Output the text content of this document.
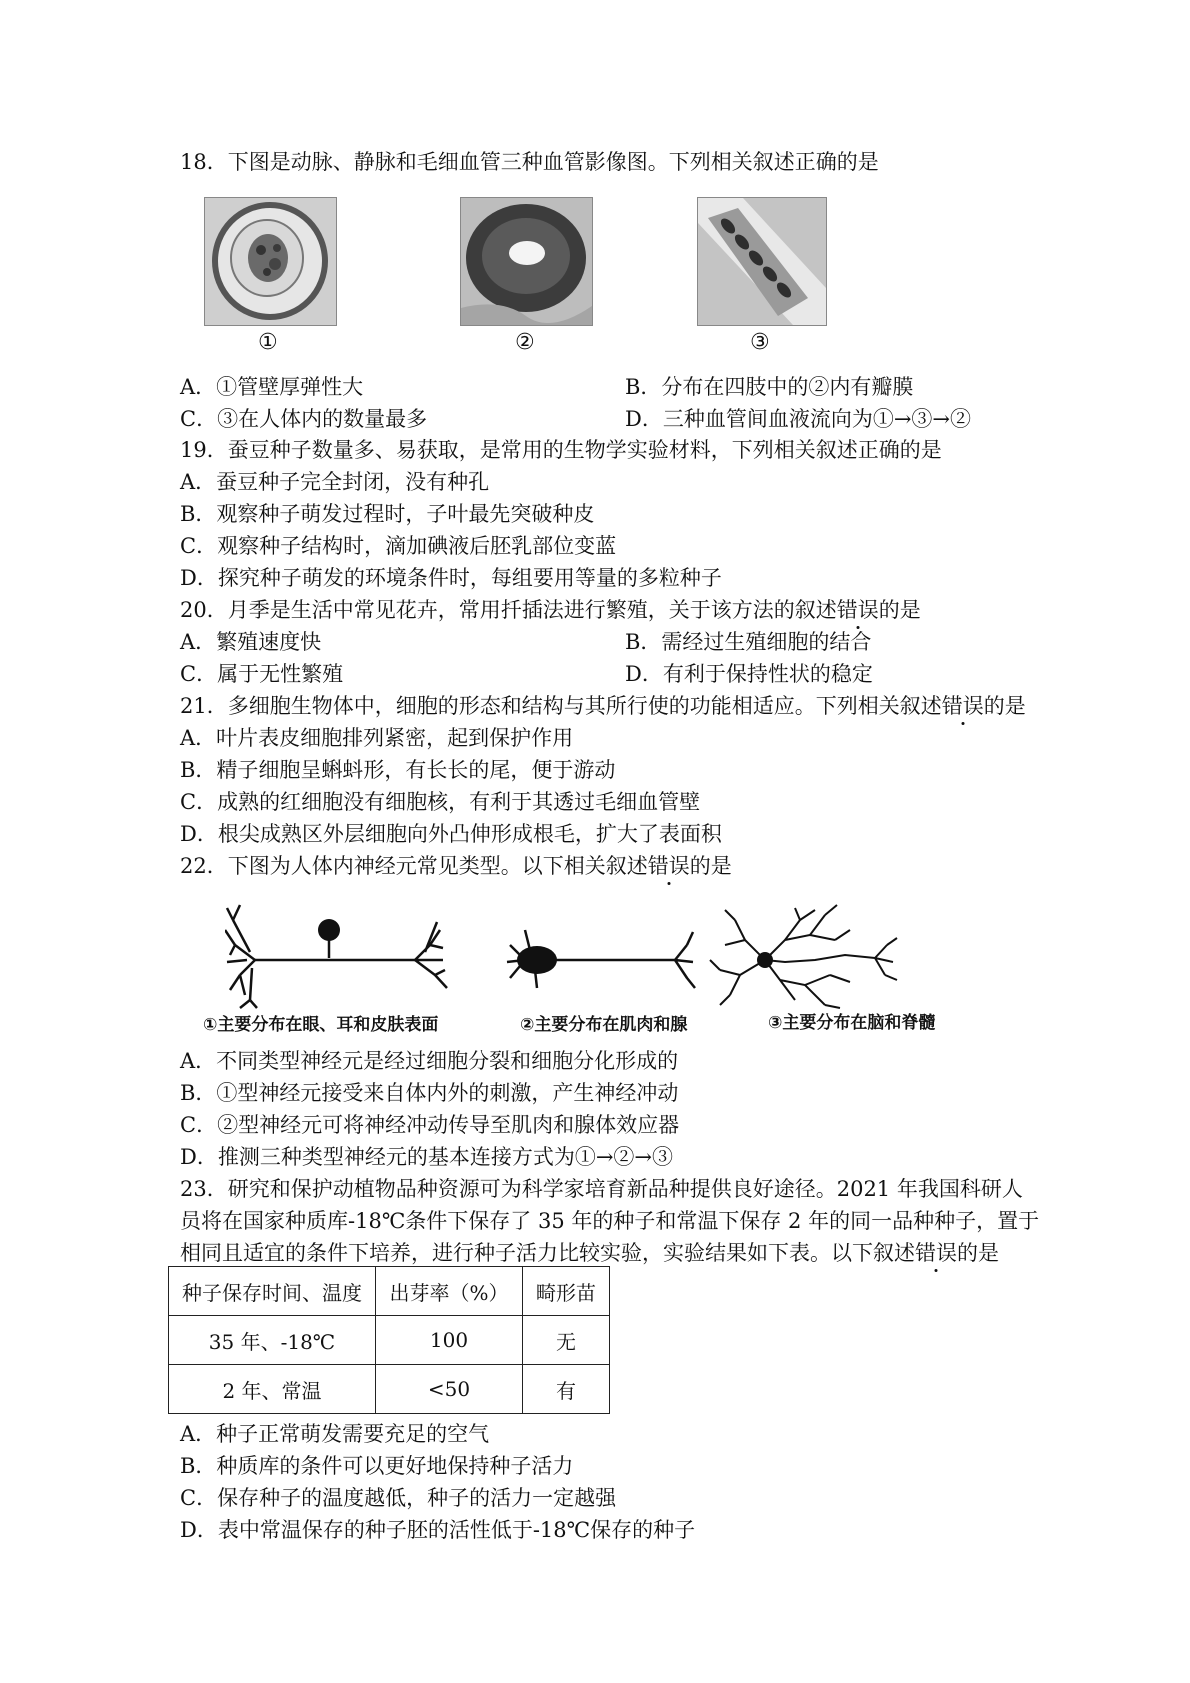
18．下图是动脉、静脉和毛细血管三种血管影像图。下列相关叙述正确的是
①	②	③
A．①管壁厚弹性大	B．分布在四肢中的②内有瓣膜
C．③在人体内的数量最多	D．三种血管间血液流向为①→③→②
19．蚕豆种子数量多、易获取，是常用的生物学实验材料，下列相关叙述正确的是
A．蚕豆种子完全封闭，没有种孔
B．观察种子萌发过程时，子叶最先突破种皮
C．观察种子结构时，滴加碘液后胚乳部位变蓝
D．探究种子萌发的环境条件时，每组要用等量的多粒种子
20．月季是生活中常见花卉，常用扦插法进行繁殖，关于该方法的叙述错误的是
A．繁殖速度快	B．需经过生殖细胞的结合
C．属于无性繁殖	D．有利于保持性状的稳定
21．多细胞生物体中，细胞的形态和结构与其所行使的功能相适应。下列相关叙述错误的是
A．叶片表皮细胞排列紧密，起到保护作用
B．精子细胞呈蝌蚪形，有长长的尾，便于游动
C．成熟的红细胞没有细胞核，有利于其透过毛细血管壁
D．根尖成熟区外层细胞向外凸伸形成根毛，扩大了表面积
22．下图为人体内神经元常见类型。以下相关叙述错误的是
①主要分布在眼、耳和皮肤表面	②主要分布在肌肉和腺	③主要分布在脑和脊髓
A．不同类型神经元是经过细胞分裂和细胞分化形成的
B．①型神经元接受来自体内外的刺激，产生神经冲动
C．②型神经元可将神经冲动传导至肌肉和腺体效应器
D．推测三种类型神经元的基本连接方式为①→②→③
23．研究和保护动植物品种资源可为科学家培育新品种提供良好途径。2021 年我国科研人
员将在国家种质库-18℃条件下保存了 35 年的种子和常温下保存 2 年的同一品种种子，置于
相同且适宜的条件下培养，进行种子活力比较实验，实验结果如下表。以下叙述错误的是
种子保存时间、温度	出芽率（%）	畸形苗
35 年、-18℃	100	无
2 年、常温	<50	有
A．种子正常萌发需要充足的空气
B．种质库的条件可以更好地保持种子活力
C．保存种子的温度越低，种子的活力一定越强
D．表中常温保存的种子胚的活性低于-18℃保存的种子
